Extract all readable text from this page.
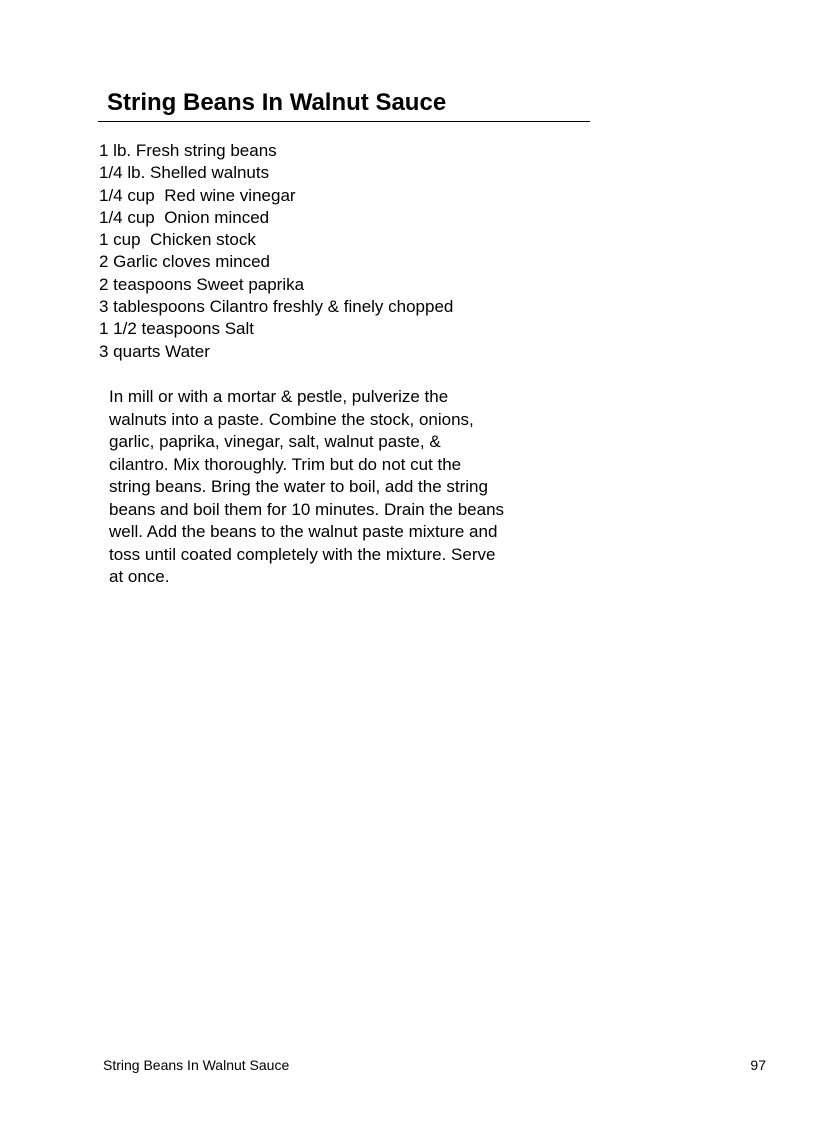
String Beans In Walnut Sauce
1 lb. Fresh string beans
1/4 lb. Shelled walnuts
1/4 cup  Red wine vinegar
1/4 cup  Onion minced
1 cup  Chicken stock
2 Garlic cloves minced
2 teaspoons Sweet paprika
3 tablespoons Cilantro freshly & finely chopped
1 1/2 teaspoons Salt
3 quarts Water

In mill or with a mortar & pestle, pulverize the
walnuts into a paste. Combine the stock, onions,
garlic, paprika, vinegar, salt, walnut paste, &
cilantro. Mix thoroughly. Trim but do not cut the
string beans. Bring the water to boil, add the string
beans and boil them for 10 minutes. Drain the beans
well. Add the beans to the walnut paste mixture and
toss until coated completely with the mixture. Serve
at once.

String Beans In Walnut Sauce	97
